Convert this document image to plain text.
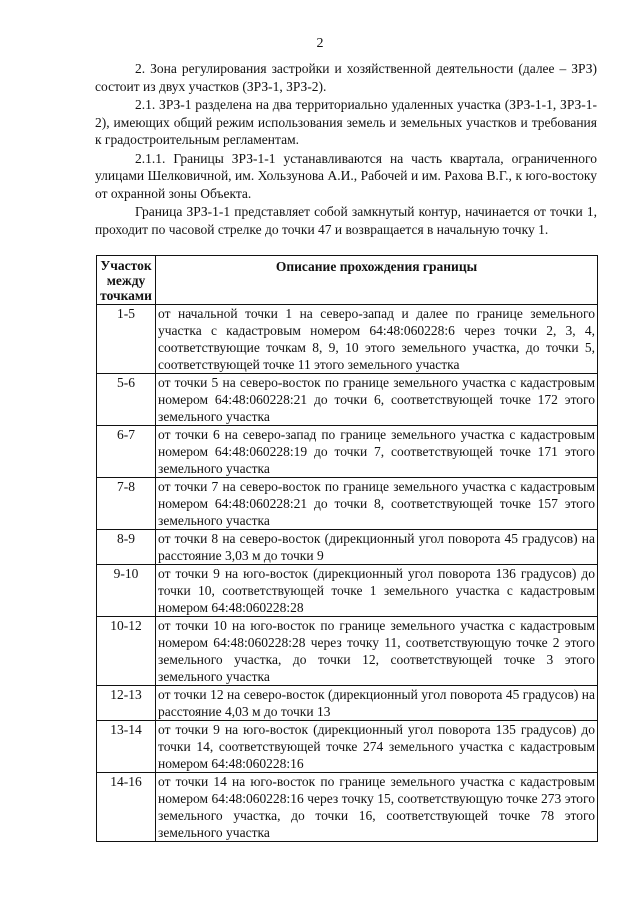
2

2. Зона регулирования застройки и хозяйственной деятельности (далее – ЗРЗ) состоит из двух участков (ЗРЗ-1, ЗРЗ-2).

2.1. ЗРЗ-1 разделена на два территориально удаленных участка (ЗРЗ-1-1, ЗРЗ-1-2), имеющих общий режим использования земель и земельных участков и требования к градостроительным регламентам.

2.1.1. Границы ЗРЗ-1-1 устанавливаются на часть квартала, ограниченного улицами Шелковичной, им. Хользунова А.И., Рабочей и им. Рахова В.Г., к юго-востоку от охранной зоны Объекта.

Граница ЗРЗ-1-1 представляет собой замкнутый контур, начинается от точки 1, проходит по часовой стрелке до точки 47 и возвращается в начальную точку 1.

Участок между точками	Описание прохождения границы
1-5	от начальной точки 1 на северо-запад и далее по границе земельного участка с кадастровым номером 64:48:060228:6 через точки 2, 3, 4, соответствующие точкам 8, 9, 10 этого земельного участка, до точки 5, соответствующей точке 11 этого земельного участка
5-6	от точки 5 на северо-восток по границе земельного участка с кадастровым номером 64:48:060228:21 до точки 6, соответствующей точке 172 этого земельного участка
6-7	от точки 6 на северо-запад по границе земельного участка с кадастровым номером 64:48:060228:19 до точки 7, соответствующей точке 171 этого земельного участка
7-8	от точки 7 на северо-восток по границе земельного участка с кадастровым номером 64:48:060228:21 до точки 8, соответствующей точке 157 этого земельного участка
8-9	от точки 8 на северо-восток (дирекционный угол поворота 45 градусов) на расстояние 3,03 м до точки 9
9-10	от точки 9 на юго-восток (дирекционный угол поворота 136 градусов) до точки 10, соответствующей точке 1 земельного участка с кадастровым номером 64:48:060228:28
10-12	от точки 10 на юго-восток по границе земельного участка с кадастровым номером 64:48:060228:28 через точку 11, соответствующую точке 2 этого земельного участка, до точки 12, соответствующей точке 3 этого земельного участка
12-13	от точки 12 на северо-восток (дирекционный угол поворота 45 градусов) на расстояние 4,03 м до точки 13
13-14	от точки 9 на юго-восток (дирекционный угол поворота 135 градусов) до точки 14, соответствующей точке 274 земельного участка с кадастровым номером 64:48:060228:16
14-16	от точки 14 на юго-восток по границе земельного участка с кадастровым номером 64:48:060228:16 через точку 15, соответствующую точке 273 этого земельного участка, до точки 16, соответствующей точке 78 этого земельного участка
